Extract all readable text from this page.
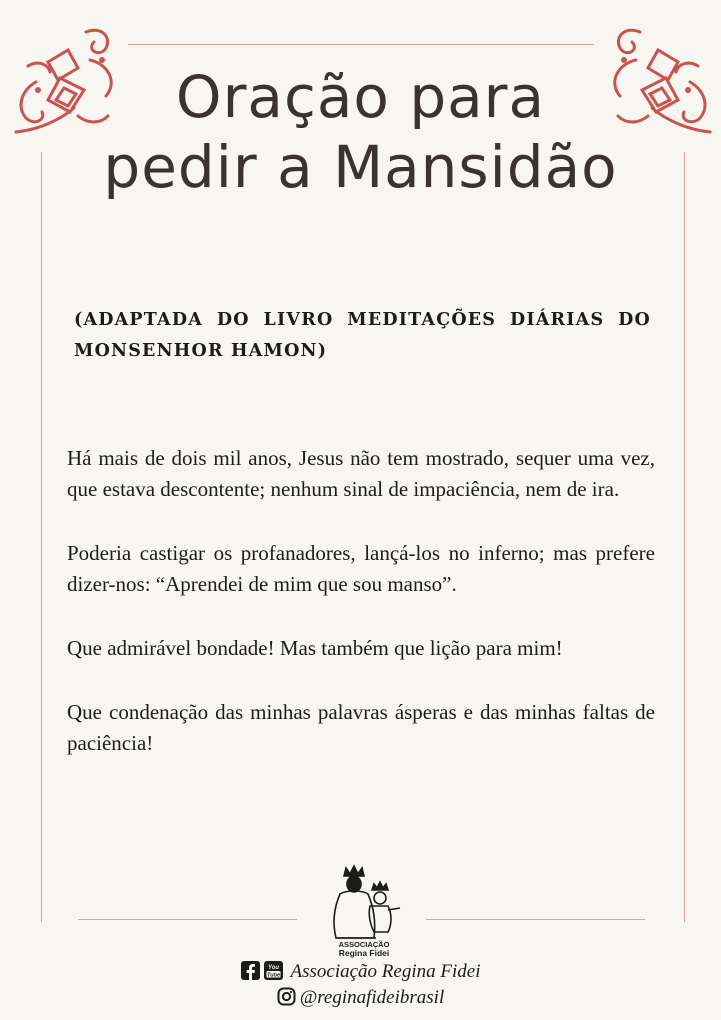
Oração para
pedir a Mansidão

(ADAPTADA DO LIVRO MEDITAÇÕES DIÁRIAS DO MONSENHOR HAMON)

Há mais de dois mil anos, Jesus não tem mostrado, sequer uma vez, que estava descontente; nenhum sinal de impaciência, nem de ira.

Poderia castigar os profanadores, lançá-los no inferno; mas prefere dizer-nos: “Aprendei de mim que sou manso”.

Que admirável bondade! Mas também que lição para mim!

Que condenação das minhas palavras ásperas e das minhas faltas de paciência!

ASSOCIAÇÃO
Regina Fidei
You
Tube Associação Regina Fidei
@reginafideibrasil
